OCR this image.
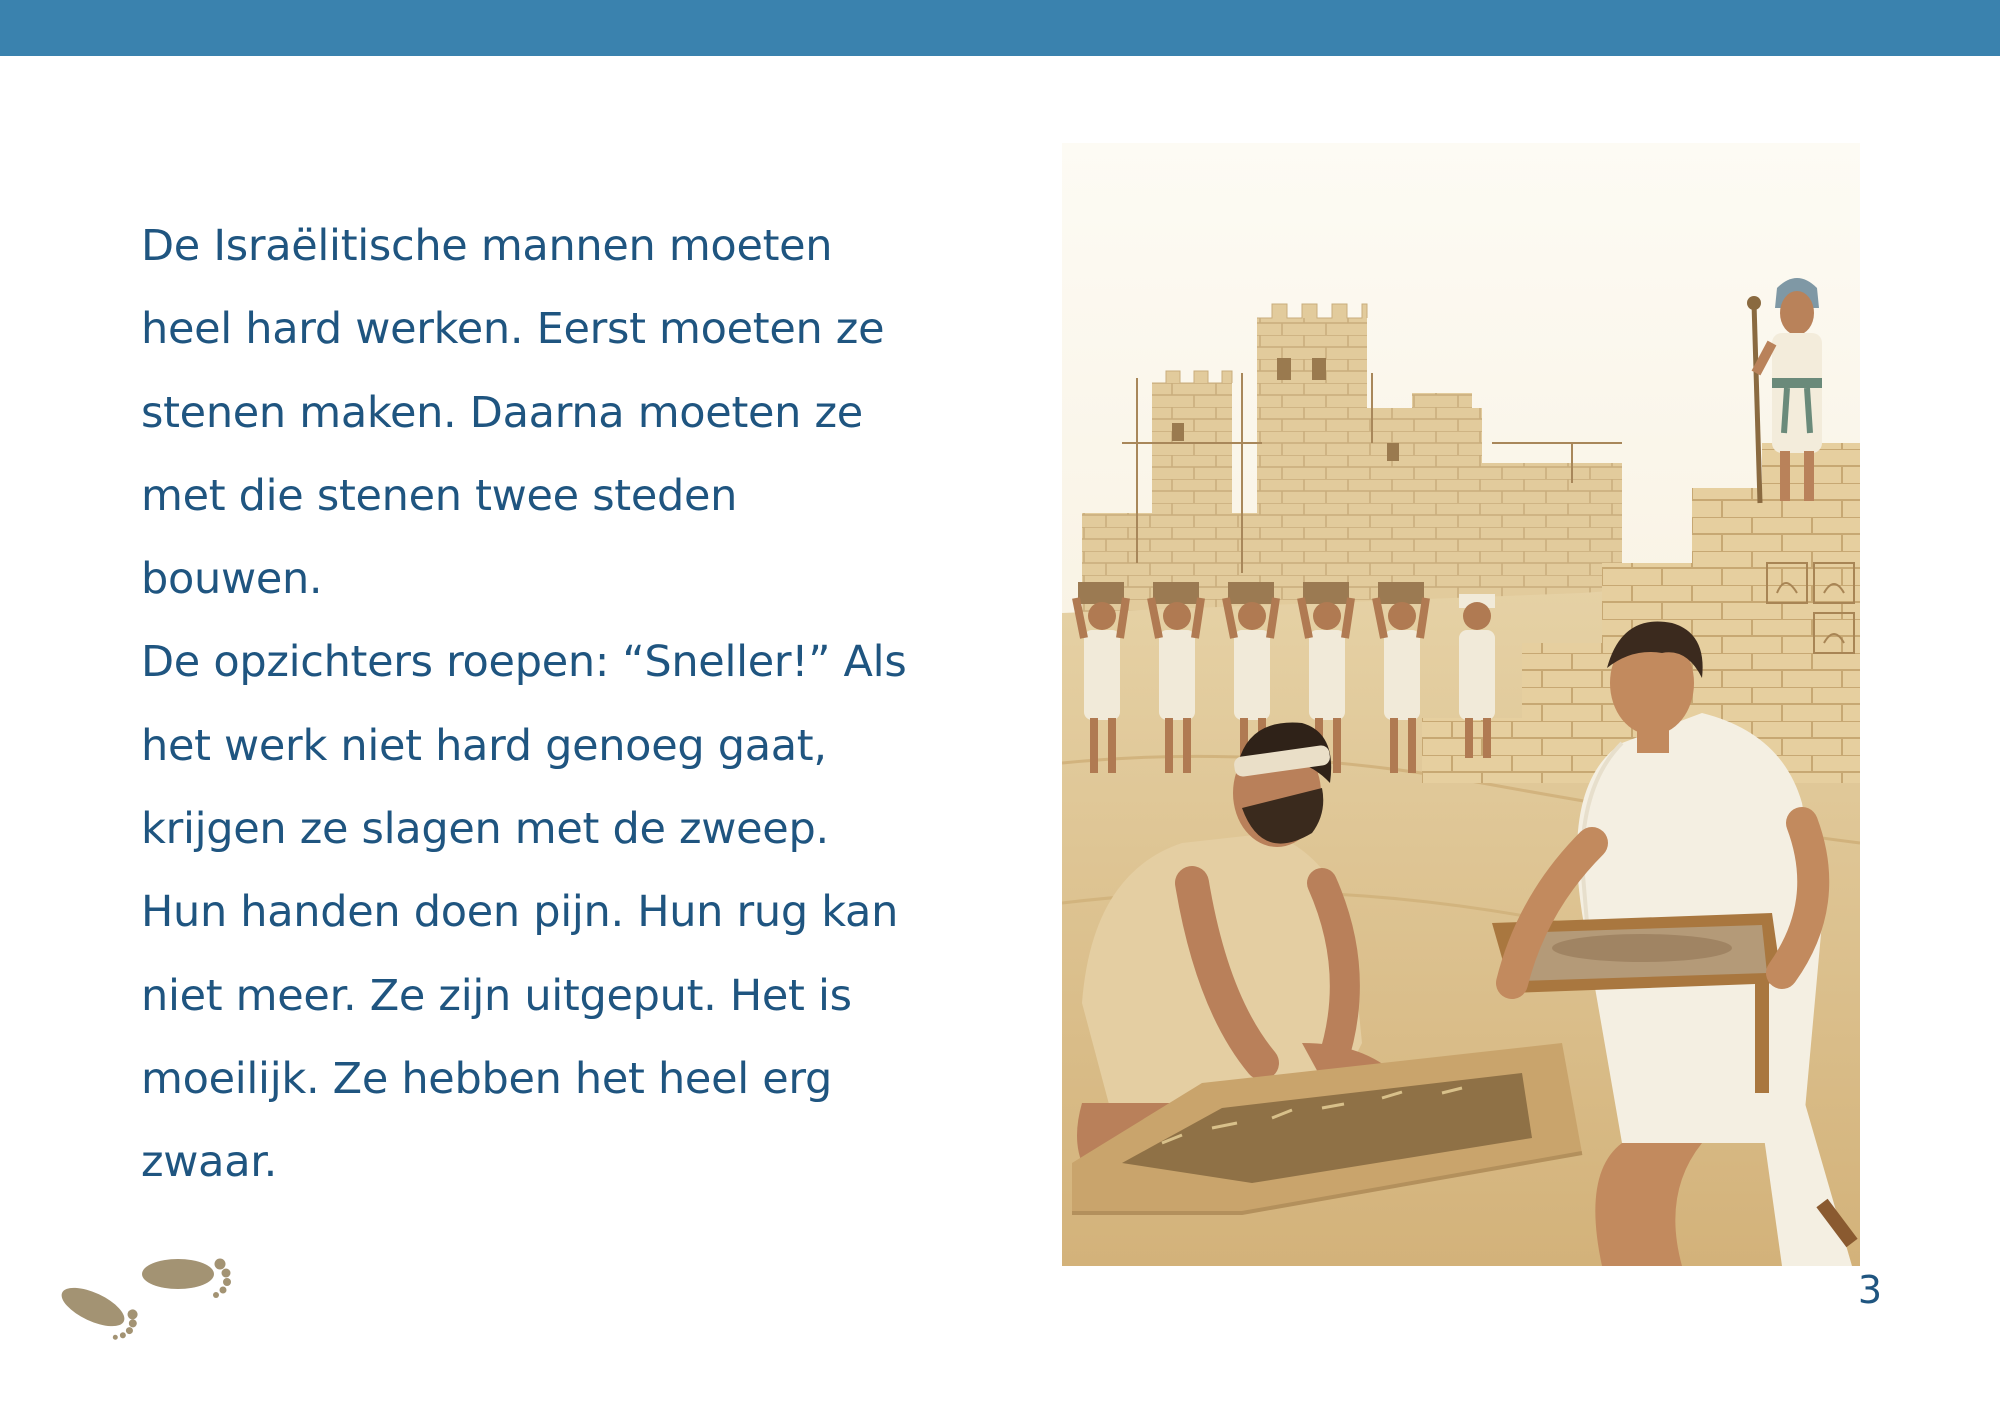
De Israëlitische mannen moeten
heel hard werken. Eerst moeten ze
stenen maken. Daarna moeten ze
met die stenen twee steden
bouwen.
De opzichters roepen: “Sneller!” Als
het werk niet hard genoeg gaat,
krijgen ze slagen met de zweep.
Hun handen doen pijn. Hun rug kan
niet meer. Ze zijn uitgeput. Het is
moeilijk. Ze hebben het heel erg
zwaar.
3
